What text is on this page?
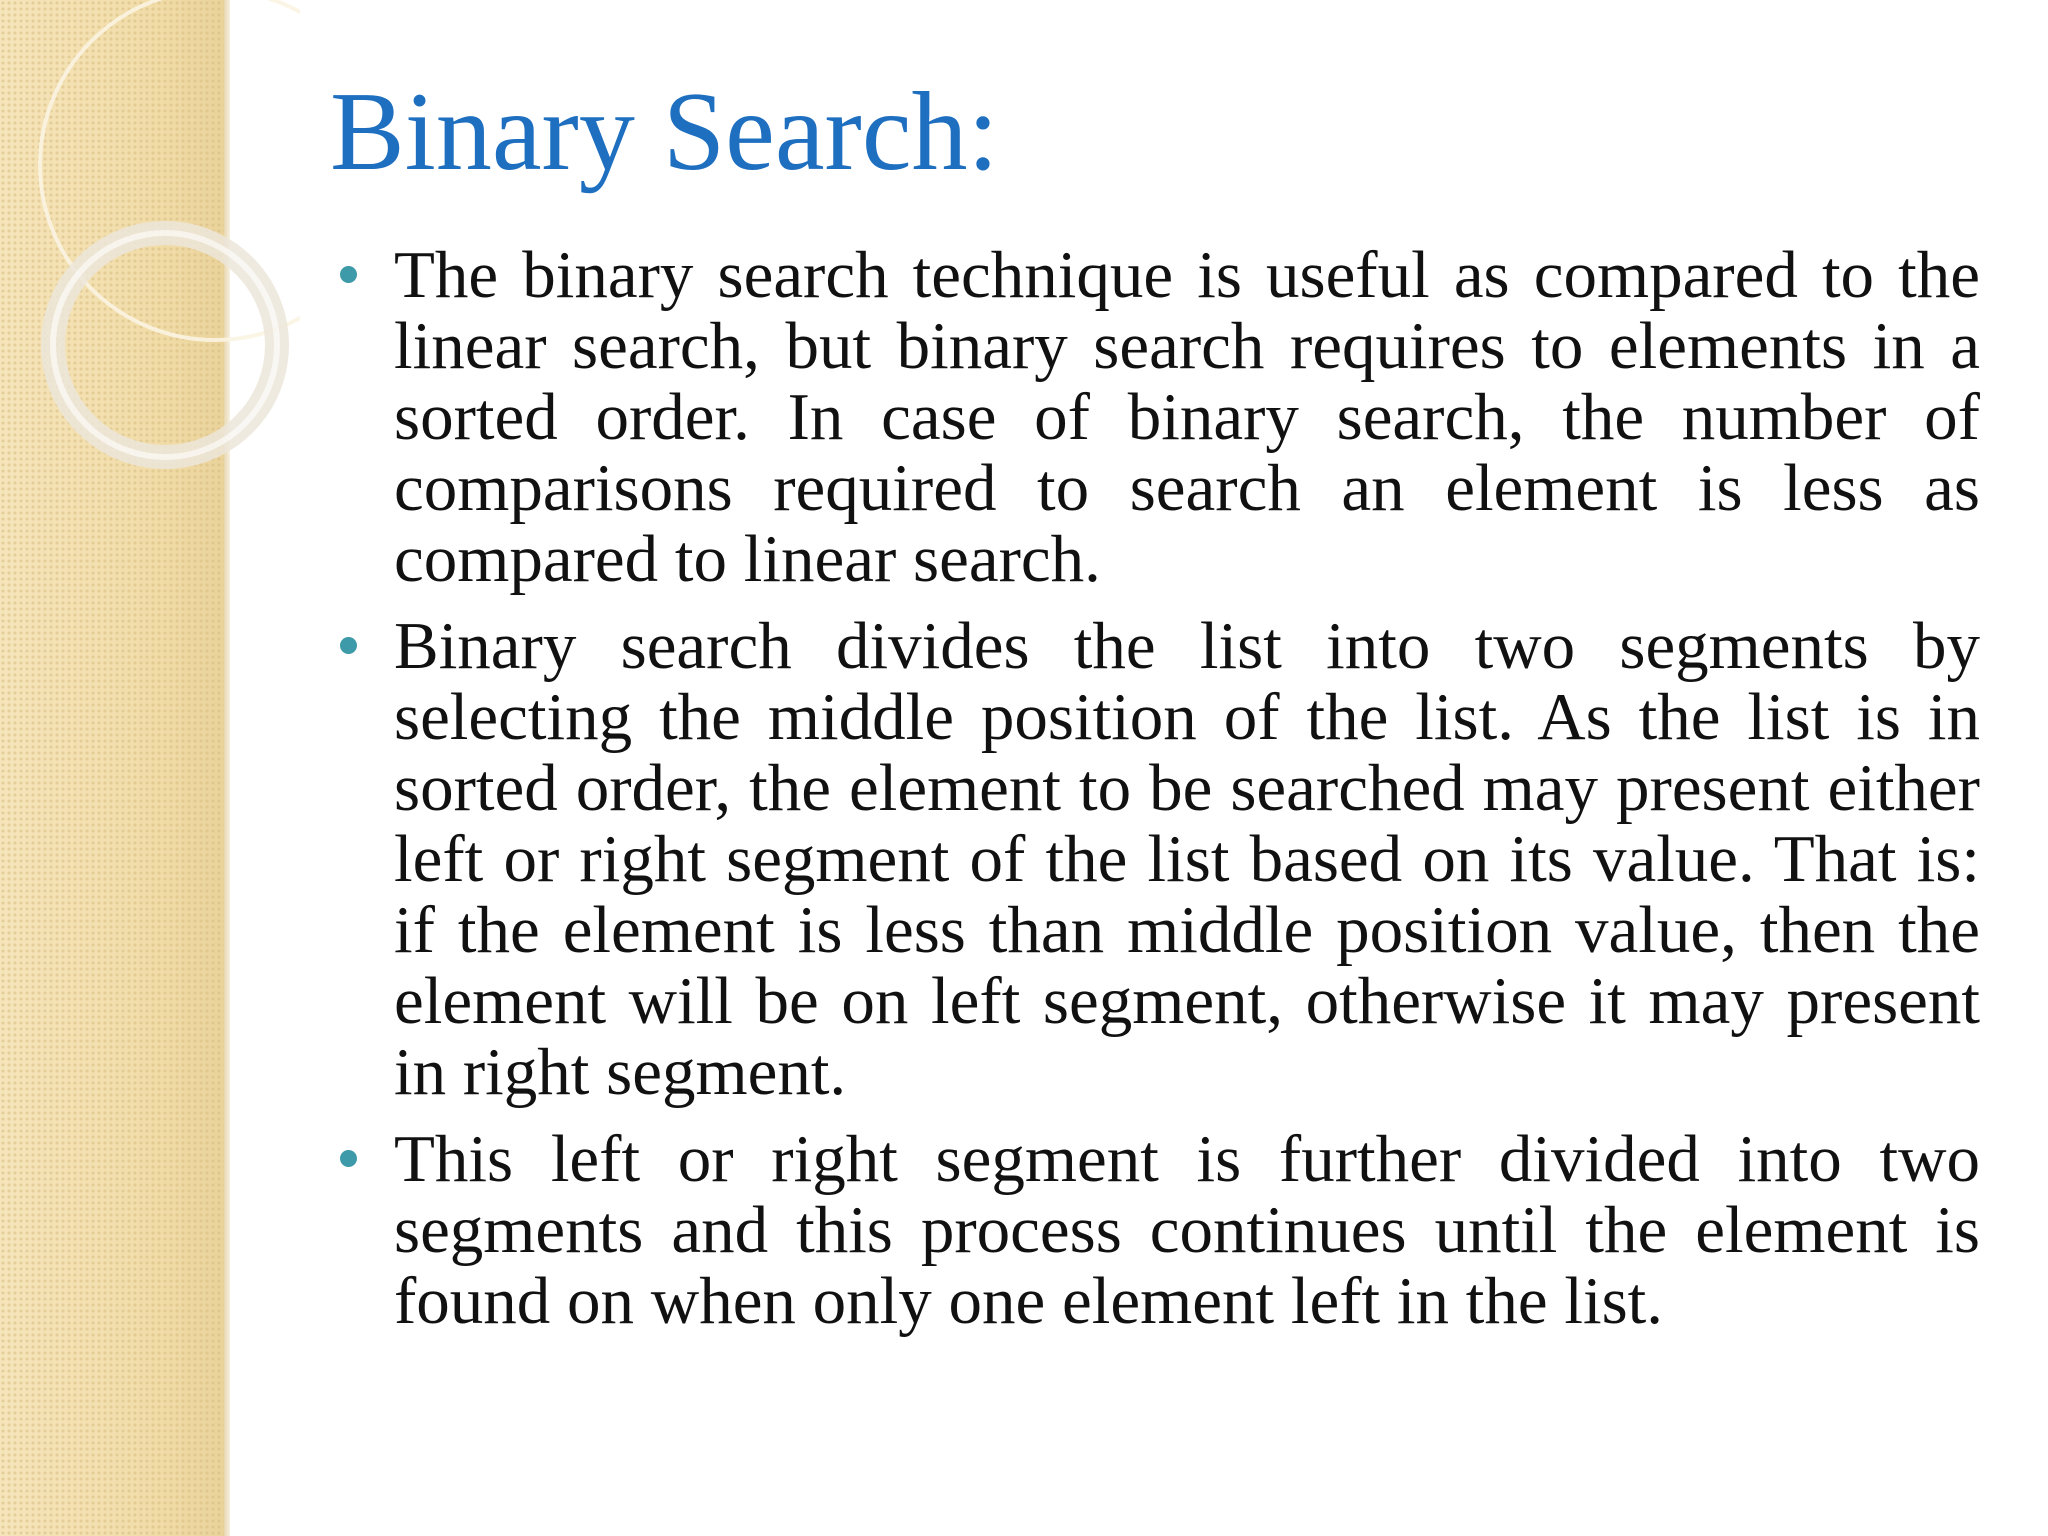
Binary Search:
The binary search technique is useful as compared to the linear search, but binary search requires to elements in a sorted order. In case of binary search, the number of comparisons required to search an element is less as compared to linear search.
Binary search divides the list into two segments by selecting the middle position of the list. As the list is in sorted order, the element to be searched may present either left or right segment of the list based on its value. That is: if the element is less than middle position value, then the element will be on left segment, otherwise it may present in right segment.
This left or right segment is further divided into two segments and this process continues until the element is found on when only one element left in the list.
